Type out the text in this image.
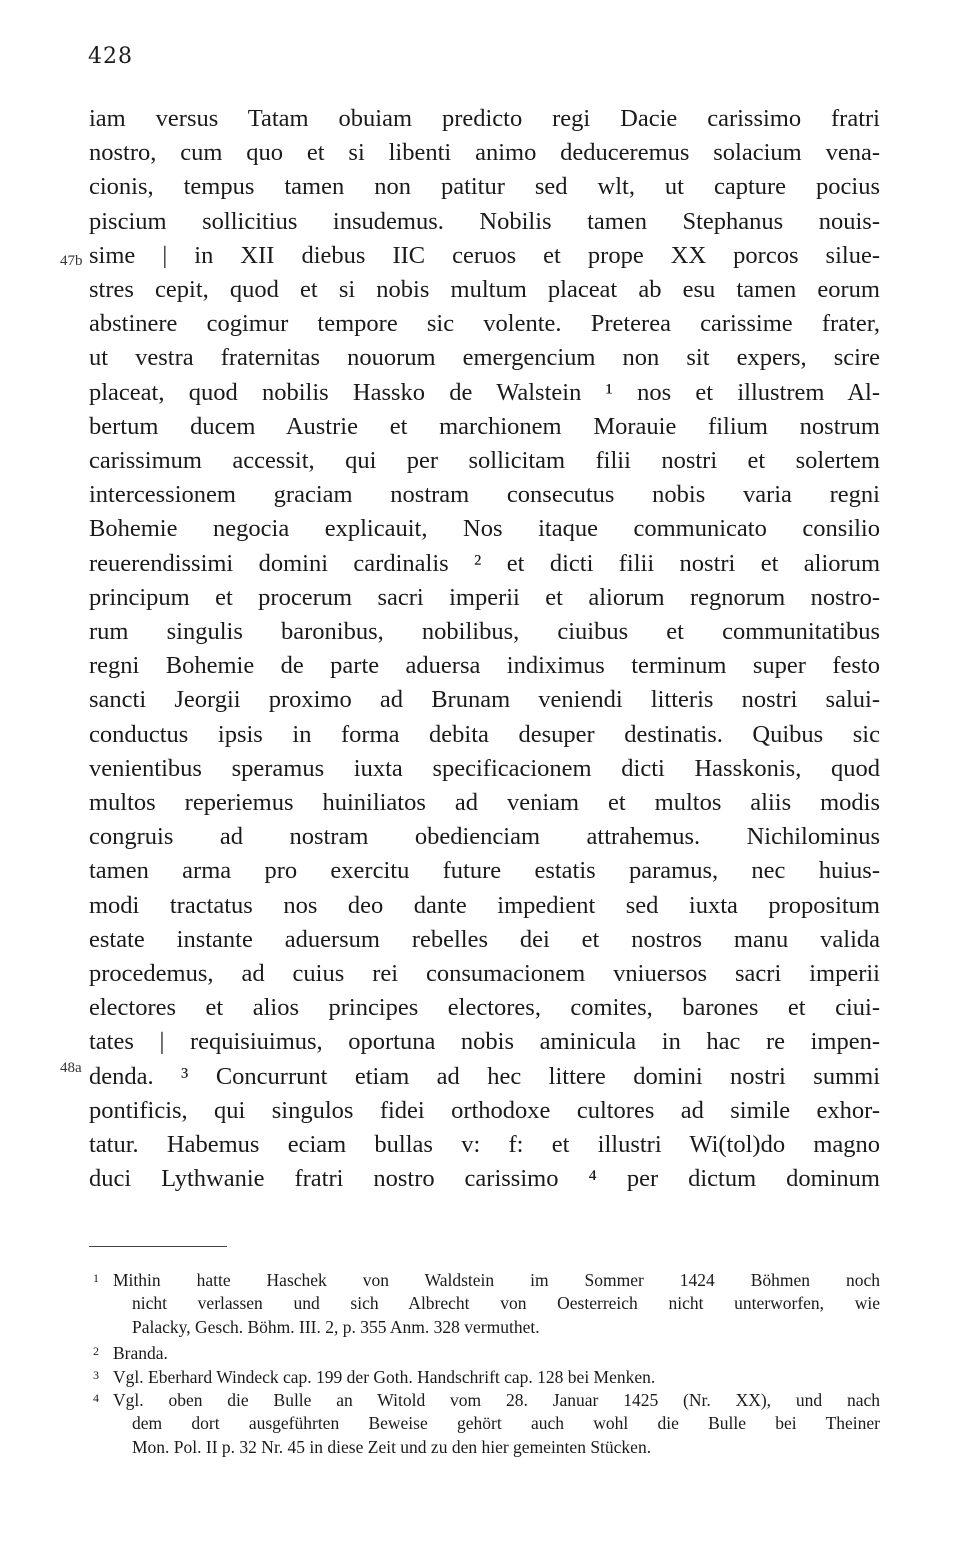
428
iam versus Tatam obuiam predicto regi Dacie carissimo fratri
nostro, cum quo et si libenti animo deduceremus solacium vena-
cionis, tempus tamen non patitur sed wlt, ut capture pocius
piscium sollicitius insudemus. Nobilis tamen Stephanus nouis-
sime | in XII diebus IIC ceruos et prope XX porcos silue-
stres cepit, quod et si nobis multum placeat ab esu tamen eorum
abstinere cogimur tempore sic volente. Preterea carissime frater,
ut vestra fraternitas nouorum emergencium non sit expers, scire
placeat, quod nobilis Hassko de Walstein ¹ nos et illustrem Al-
bertum ducem Austrie et marchionem Morauie filium nostrum
carissimum accessit, qui per sollicitam filii nostri et solertem
intercessionem graciam nostram consecutus nobis varia regni
Bohemie negocia explicauit, Nos itaque communicato consilio
reuerendissimi domini cardinalis ² et dicti filii nostri et aliorum
principum et procerum sacri imperii et aliorum regnorum nostro-
rum singulis baronibus, nobilibus, ciuibus et communitatibus
regni Bohemie de parte aduersa indiximus terminum super festo
sancti Jeorgii proximo ad Brunam veniendi litteris nostri salui-
conductus ipsis in forma debita desuper destinatis. Quibus sic
venientibus speramus iuxta specificacionem dicti Hasskonis, quod
multos reperiemus huiniliatos ad veniam et multos aliis modis
congruis ad nostram obedienciam attrahemus. Nichilominus
tamen arma pro exercitu future estatis paramus, nec huius-
modi tractatus nos deo dante impedient sed iuxta propositum
estate instante aduersum rebelles dei et nostros manu valida
procedemus, ad cuius rei consumacionem vniuersos sacri imperii
electores et alios principes electores, comites, barones et ciui-
tates | requisiuimus, oportuna nobis aminicula in hac re impen-
denda. ³ Concurrunt etiam ad hec littere domini nostri summi
pontificis, qui singulos fidei orthodoxe cultores ad simile exhor-
tatur. Habemus eciam bullas v: f: et illustri Wi(tol)do magno
duci Lythwanie fratri nostro carissimo ⁴ per dictum dominum
47b
48a
1 Mithin hatte Haschek von Waldstein im Sommer 1424 Böhmen noch
nicht verlassen und sich Albrecht von Oesterreich nicht unterworfen, wie
Palacky, Gesch. Böhm. III. 2, p. 355 Anm. 328 vermuthet.
2 Branda.
3 Vgl. Eberhard Windeck cap. 199 der Goth. Handschrift cap. 128 bei Menken.
4 Vgl. oben die Bulle an Witold vom 28. Januar 1425 (Nr. XX), und nach
dem dort ausgeführten Beweise gehört auch wohl die Bulle bei Theiner
Mon. Pol. II p. 32 Nr. 45 in diese Zeit und zu den hier gemeinten Stücken.
